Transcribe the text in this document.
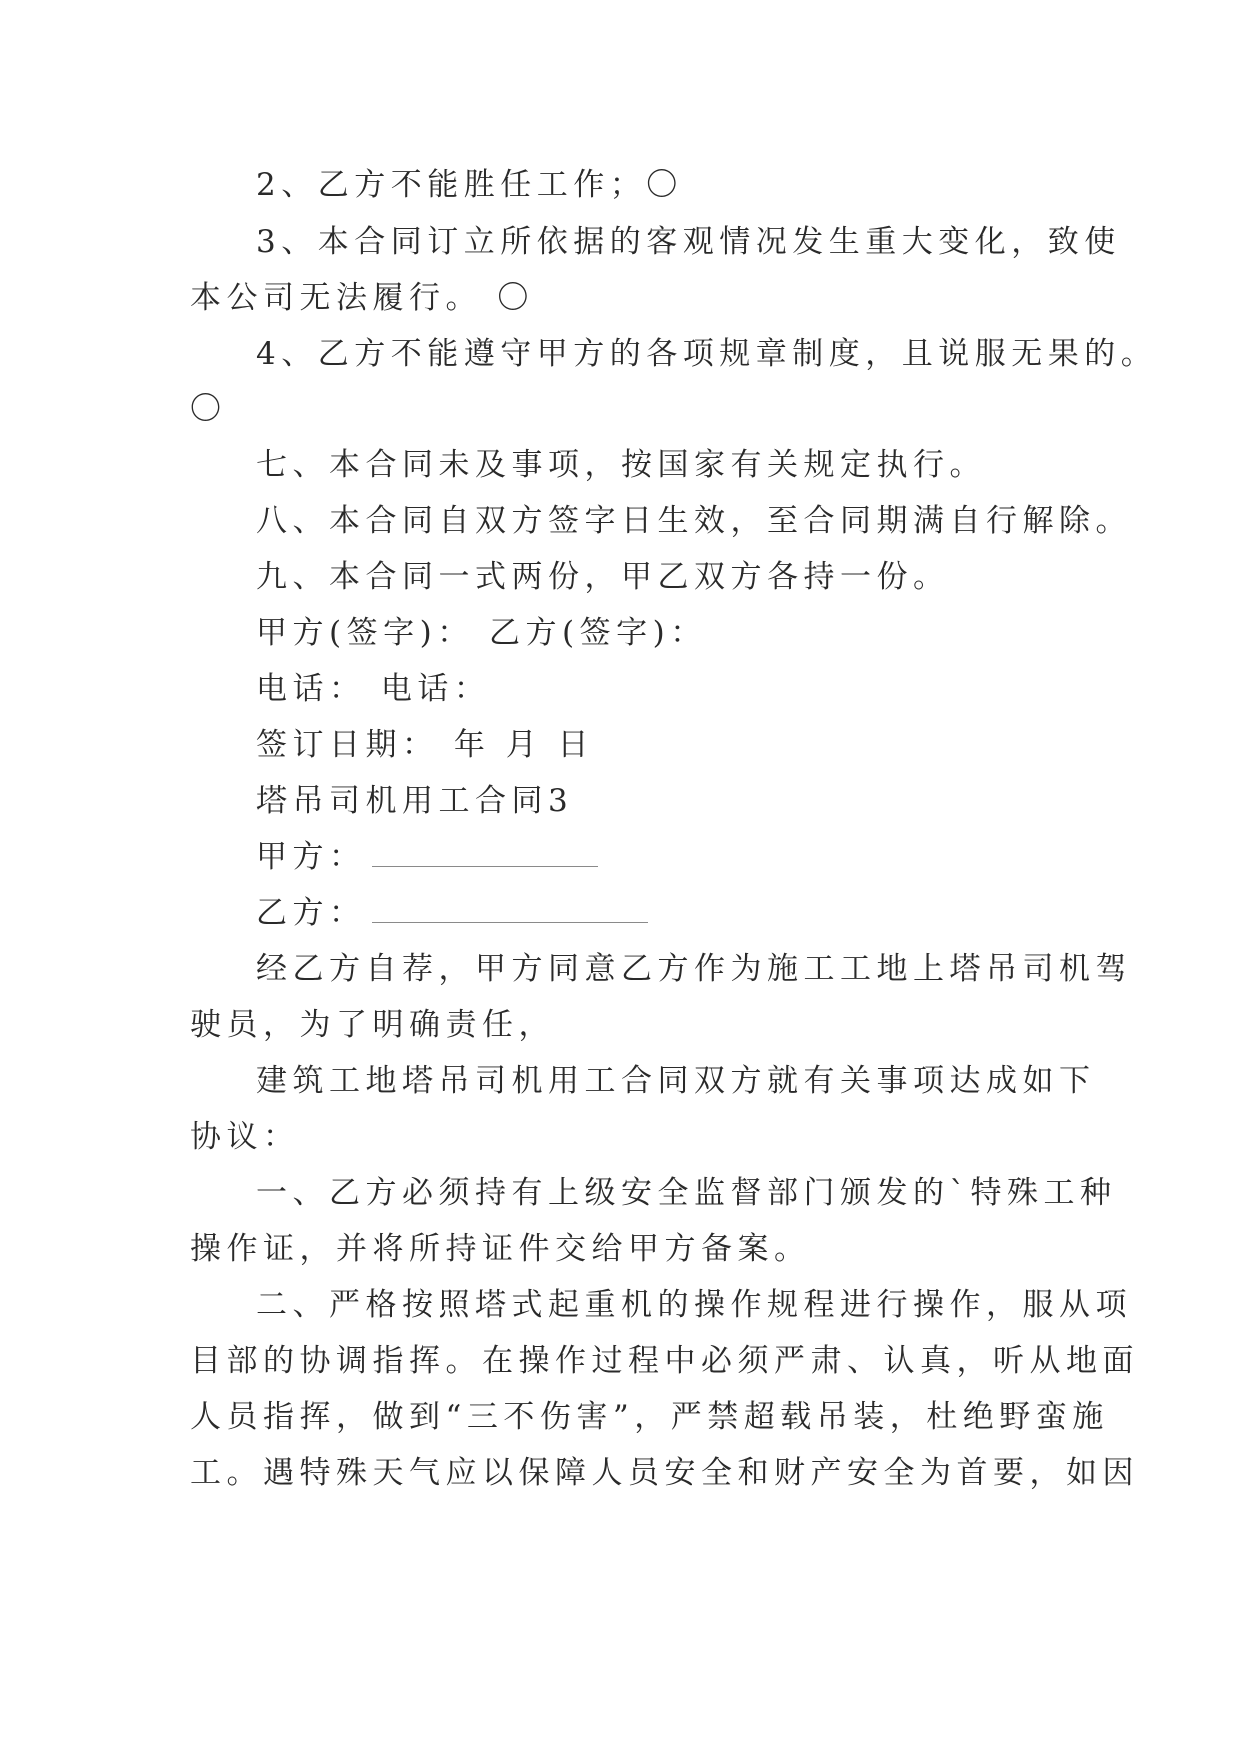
2、乙方不能胜任工作；〇
3、本合同订立所依据的客观情况发生重大变化，致使
本公司无法履行。 〇
4、乙方不能遵守甲方的各项规章制度，且说服无果的。
〇
七、本合同未及事项，按国家有关规定执行。
八、本合同自双方签字日生效，至合同期满自行解除。
九、本合同一式两份，甲乙双方各持一份。
甲方(签字)： 乙方(签字)：
电话： 电话：
签订日期： 年 月 日
塔吊司机用工合同3
甲方：
乙方：
经乙方自荐，甲方同意乙方作为施工工地上塔吊司机驾
驶员，为了明确责任，
建筑工地塔吊司机用工合同双方就有关事项达成如下
协议：
一、乙方必须持有上级安全监督部门颁发的`特殊工种
操作证，并将所持证件交给甲方备案。
二、严格按照塔式起重机的操作规程进行操作，服从项
目部的协调指挥。在操作过程中必须严肃、认真，听从地面
人员指挥，做到“三不伤害”，严禁超载吊装，杜绝野蛮施
工。遇特殊天气应以保障人员安全和财产安全为首要，如因
